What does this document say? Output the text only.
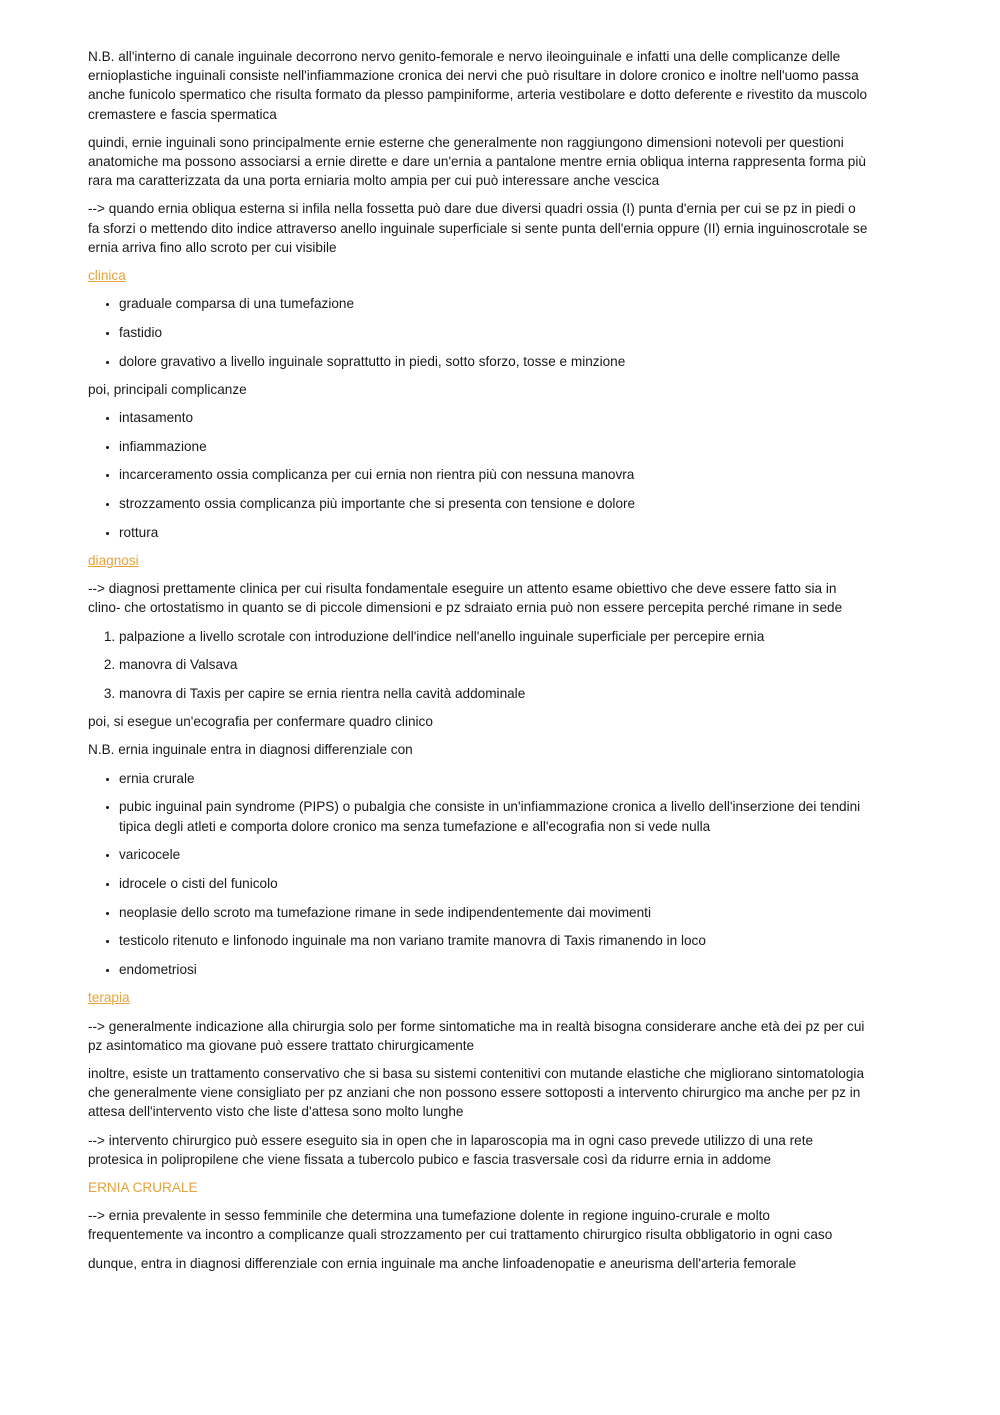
N.B. all'interno di canale inguinale decorrono nervo genito-femorale e nervo ileoinguinale e infatti una delle complicanze delle ernioplastiche inguinali consiste nell'infiammazione cronica dei nervi che può risultare in dolore cronico e inoltre nell'uomo passa anche funicolo spermatico che risulta formato da plesso pampiniforme, arteria vestibolare e dotto deferente e rivestito da muscolo cremastere e fascia spermatica

quindi, ernie inguinali sono principalmente ernie esterne che generalmente non raggiungono dimensioni notevoli per questioni anatomiche ma possono associarsi a ernie dirette e dare un'ernia a pantalone mentre ernia obliqua interna rappresenta forma più rara ma caratterizzata da una porta erniaria molto ampia per cui può interessare anche vescica

--> quando ernia obliqua esterna si infila nella fossetta può dare due diversi quadri ossia (I) punta d'ernia per cui se pz in piedi o fa sforzi o mettendo dito indice attraverso anello inguinale superficiale si sente punta dell'ernia oppure (II) ernia inguinoscrotale se ernia arriva fino allo scroto per cui visibile

clinica
• graduale comparsa di una tumefazione
• fastidio
• dolore gravativo a livello inguinale soprattutto in piedi, sotto sforzo, tosse e minzione

poi, principali complicanze

• intasamento
• infiammazione
• incarceramento ossia complicanza per cui ernia non rientra più con nessuna manovra
• strozzamento ossia complicanza più importante che si presenta con tensione e dolore
• rottura
diagnosi

--> diagnosi prettamente clinica per cui risulta fondamentale eseguire un attento esame obiettivo che deve essere fatto sia in clino- che ortostatismo in quanto se di piccole dimensioni e pz sdraiato ernia può non essere percepita perché rimane in sede

1. palpazione a livello scrotale con introduzione dell'indice nell'anello inguinale superficiale per percepire ernia
2. manovra di Valsava
3. manovra di Taxis per capire se ernia rientra nella cavità addominale

poi, si esegue un'ecografia per confermare quadro clinico

N.B. ernia inguinale entra in diagnosi differenziale con

• ernia crurale
• pubic inguinal pain syndrome (PIPS) o pubalgia che consiste in un'infiammazione cronica a livello dell'inserzione dei tendini tipica degli atleti e comporta dolore cronico ma senza tumefazione e all'ecografia non si vede nulla
• varicocele
• idrocele o cisti del funicolo
• neoplasie dello scroto ma tumefazione rimane in sede indipendentemente dai movimenti
• testicolo ritenuto e linfonodo inguinale ma non variano tramite manovra di Taxis rimanendo in loco
• endometriosi
terapia

--> generalmente indicazione alla chirurgia solo per forme sintomatiche ma in realtà bisogna considerare anche età dei pz per cui pz asintomatico ma giovane può essere trattato chirurgicamente

inoltre, esiste un trattamento conservativo che si basa su sistemi contenitivi con mutande elastiche che migliorano sintomatologia che generalmente viene consigliato per pz anziani che non possono essere sottoposti a intervento chirurgico ma anche per pz in attesa dell'intervento visto che liste d'attesa sono molto lunghe

--> intervento chirurgico può essere eseguito sia in open che in laparoscopia ma in ogni caso prevede utilizzo di una rete protesica in polipropilene che viene fissata a tubercolo pubico e fascia trasversale così da ridurre ernia in addome

ERNIA CRURALE

--> ernia prevalente in sesso femminile che determina una tumefazione dolente in regione inguino-crurale e molto frequentemente va incontro a complicanze quali strozzamento per cui trattamento chirurgico risulta obbligatorio in ogni caso

dunque, entra in diagnosi differenziale con ernia inguinale ma anche linfoadenopatie e aneurisma dell'arteria femorale
